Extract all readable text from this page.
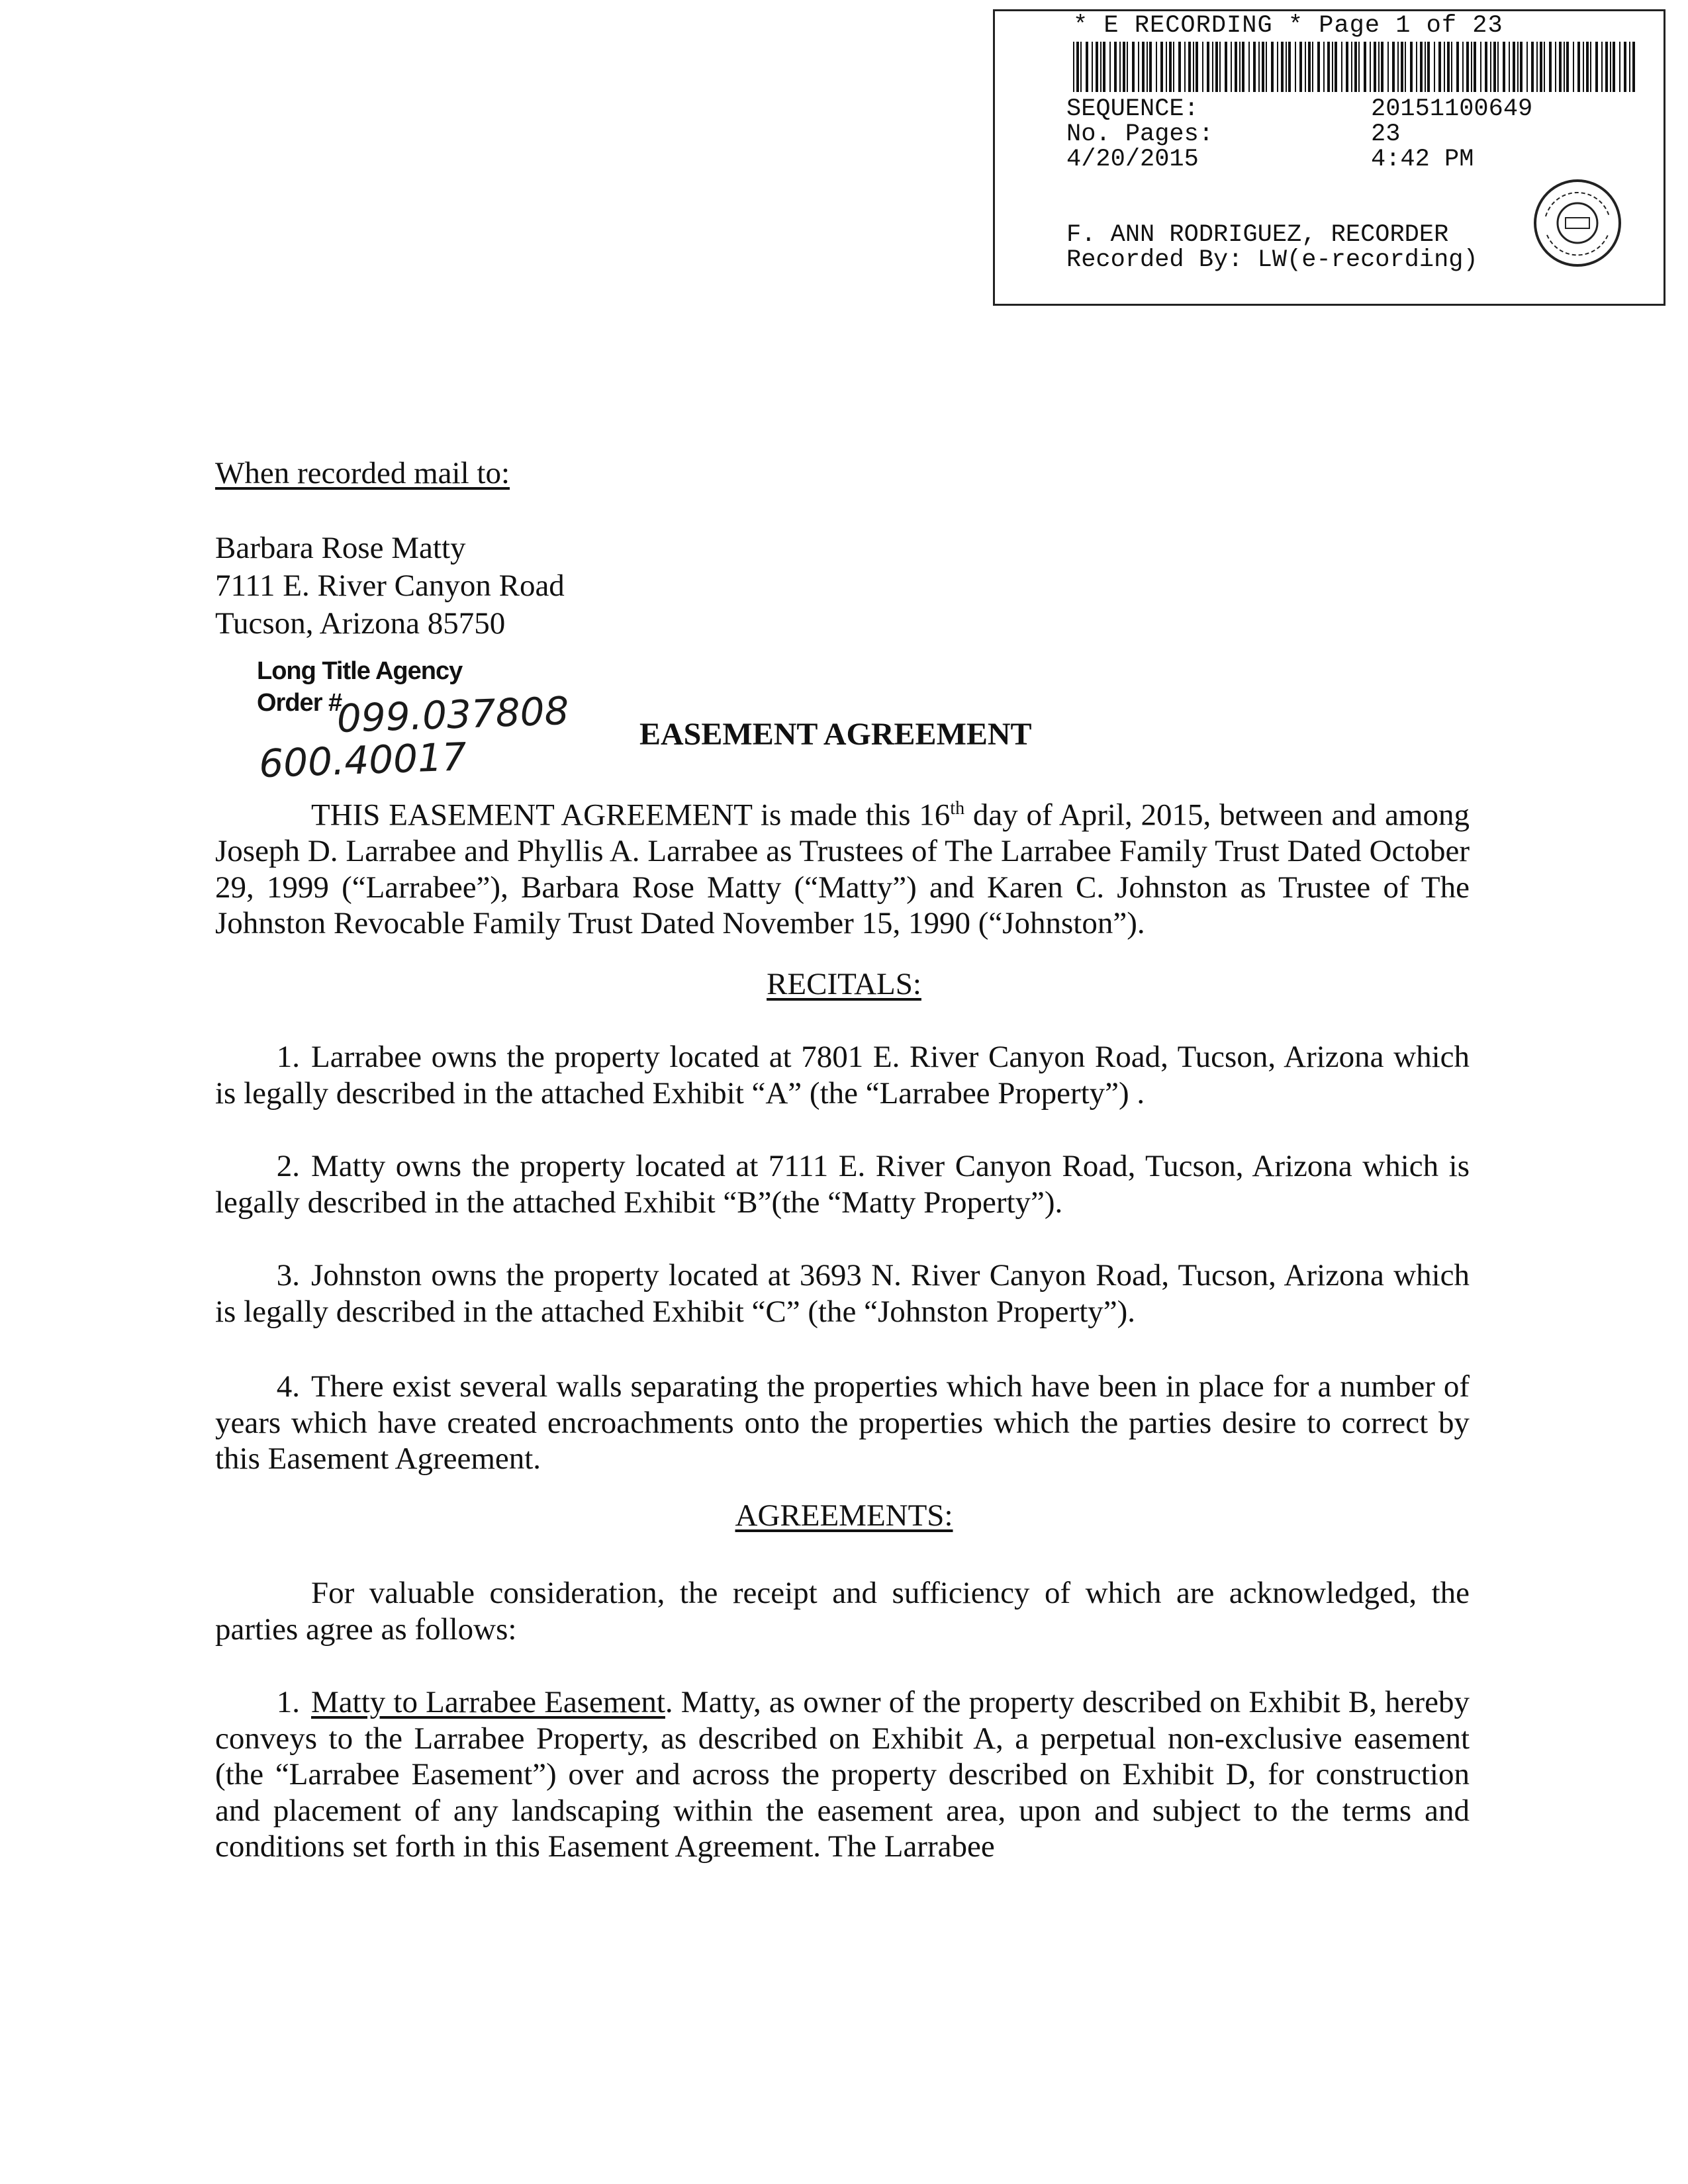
* E RECORDING * Page 1 of 23
SEQUENCE:	20151100649
No. Pages:	23
4/20/2015	4:42 PM
F. ANN RODRIGUEZ, RECORDER
Recorded By: LW(e-recording)
When recorded mail to:
Barbara Rose Matty
7111 E. River Canyon Road
Tucson, Arizona 85750
Long Title Agency
Order #
099.037808
600.40017	EASEMENT AGREEMENT
THIS EASEMENT AGREEMENT is made this 16th day of April, 2015, between and among Joseph D. Larrabee and Phyllis A. Larrabee as Trustees of The Larrabee Family Trust Dated October 29, 1999 (“Larrabee”), Barbara Rose Matty (“Matty”) and Karen C. Johnston as Trustee of The Johnston Revocable Family Trust Dated November 15, 1990 (“Johnston”).
RECITALS:
AGREEMENTS:
For valuable consideration, the receipt and sufficiency of which are acknowledged, the parties agree as follows:
1. Matty to Larrabee Easement. Matty, as owner of the property described on Exhibit B, hereby conveys to the Larrabee Property, as described on Exhibit A, a perpetual non-exclusive easement (the “Larrabee Easement”) over and across the property described on Exhibit D, for construction and placement of any landscaping within the easement area, upon and subject to the terms and conditions set forth in this Easement Agreement. The Larrabee
1. Larrabee owns the property located at 7801 E. River Canyon Road, Tucson, Arizona which is legally described in the attached Exhibit “A” (the “Larrabee Property”) .
2. Matty owns the property located at 7111 E. River Canyon Road, Tucson, Arizona which is legally described in the attached Exhibit “B”(the “Matty Property”).
3. Johnston owns the property located at 3693 N. River Canyon Road, Tucson, Arizona which is legally described in the attached Exhibit “C” (the “Johnston Property”).
4. There exist several walls separating the properties which have been in place for a number of years which have created encroachments onto the properties which the parties desire to correct by this Easement Agreement.
